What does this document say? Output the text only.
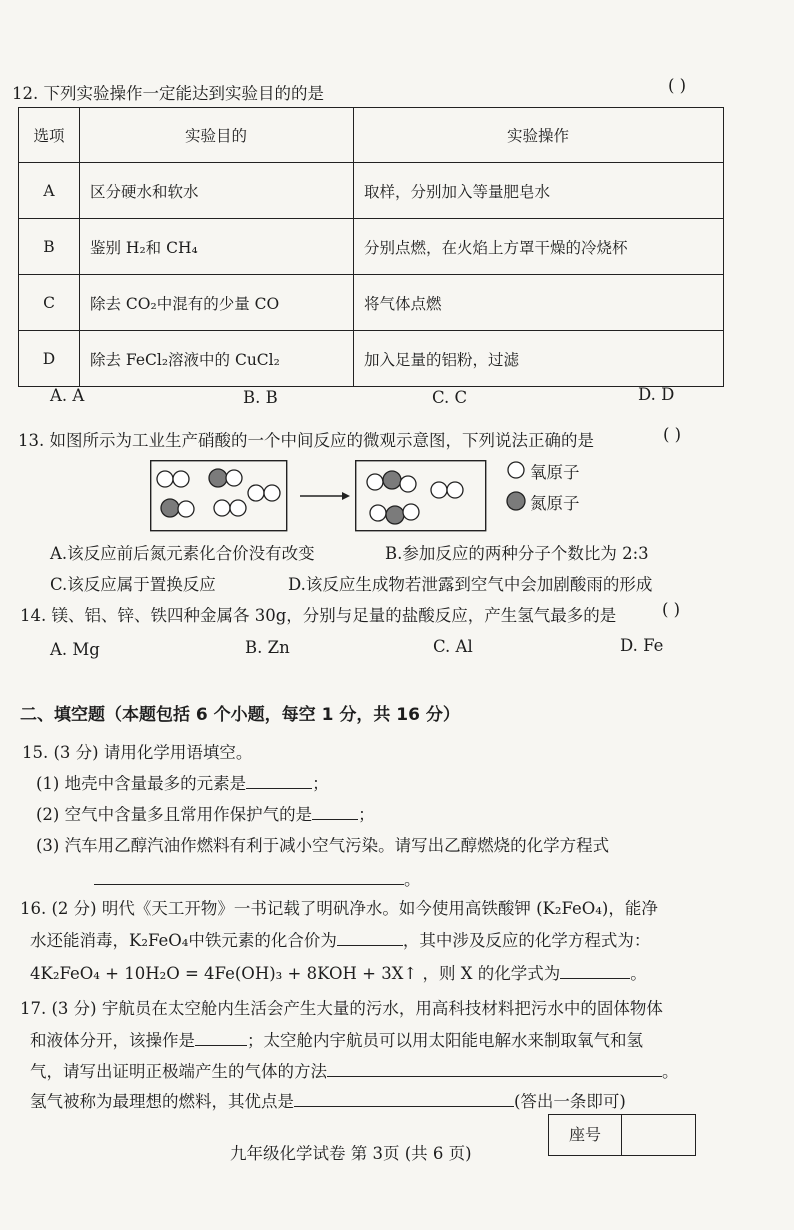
12. 下列实验操作一定能达到实验目的的是	( )
选项	实验目的	实验操作
A	区分硬水和软水	取样，分别加入等量肥皂水
B	鉴别 H₂和 CH₄	分别点燃，在火焰上方罩干燥的冷烧杯
C	除去 CO₂中混有的少量 CO	将气体点燃
D	除去 FeCl₂溶液中的 CuCl₂	加入足量的铝粉，过滤
A. A	B. B	C. C	D. D
13. 如图所示为工业生产硝酸的一个中间反应的微观示意图，下列说法正确的是	( )
氧原子
氮原子
A.该反应前后氮元素化合价没有改变	B.参加反应的两种分子个数比为 2:3
C.该反应属于置换反应	D.该反应生成物若泄露到空气中会加剧酸雨的形成
14. 镁、铝、锌、铁四种金属各 30g，分别与足量的盐酸反应，产生氢气最多的是	( )
A. Mg	B. Zn	C. Al	D. Fe
二、填空题（本题包括 6 个小题，每空 1 分，共 16 分）
15. (3 分) 请用化学用语填空。
(1) 地壳中含量最多的元素是	；
(2) 空气中含量多且常用作保护气的是	；
(3) 汽车用乙醇汽油作燃料有利于减小空气污染。请写出乙醇燃烧的化学方程式
。
16. (2 分) 明代《天工开物》一书记载了明矾净水。如今使用高铁酸钾 (K₂FeO₄)，能净
水还能消毒，K₂FeO₄中铁元素的化合价为	，其中涉及反应的化学方程式为：
4K₂FeO₄ + 10H₂O = 4Fe(OH)₃ + 8KOH + 3X↑ ，则 X 的化学式为	。
17. (3 分) 宇航员在太空舱内生活会产生大量的污水，用高科技材料把污水中的固体物体
和液体分开，该操作是	；太空舱内宇航员可以用太阳能电解水来制取氧气和氢
气，请写出证明正极端产生的气体的方法	。
氢气被称为最理想的燃料，其优点是	(答出一条即可)
九年级化学试卷 第 3页 (共 6 页)
座号
